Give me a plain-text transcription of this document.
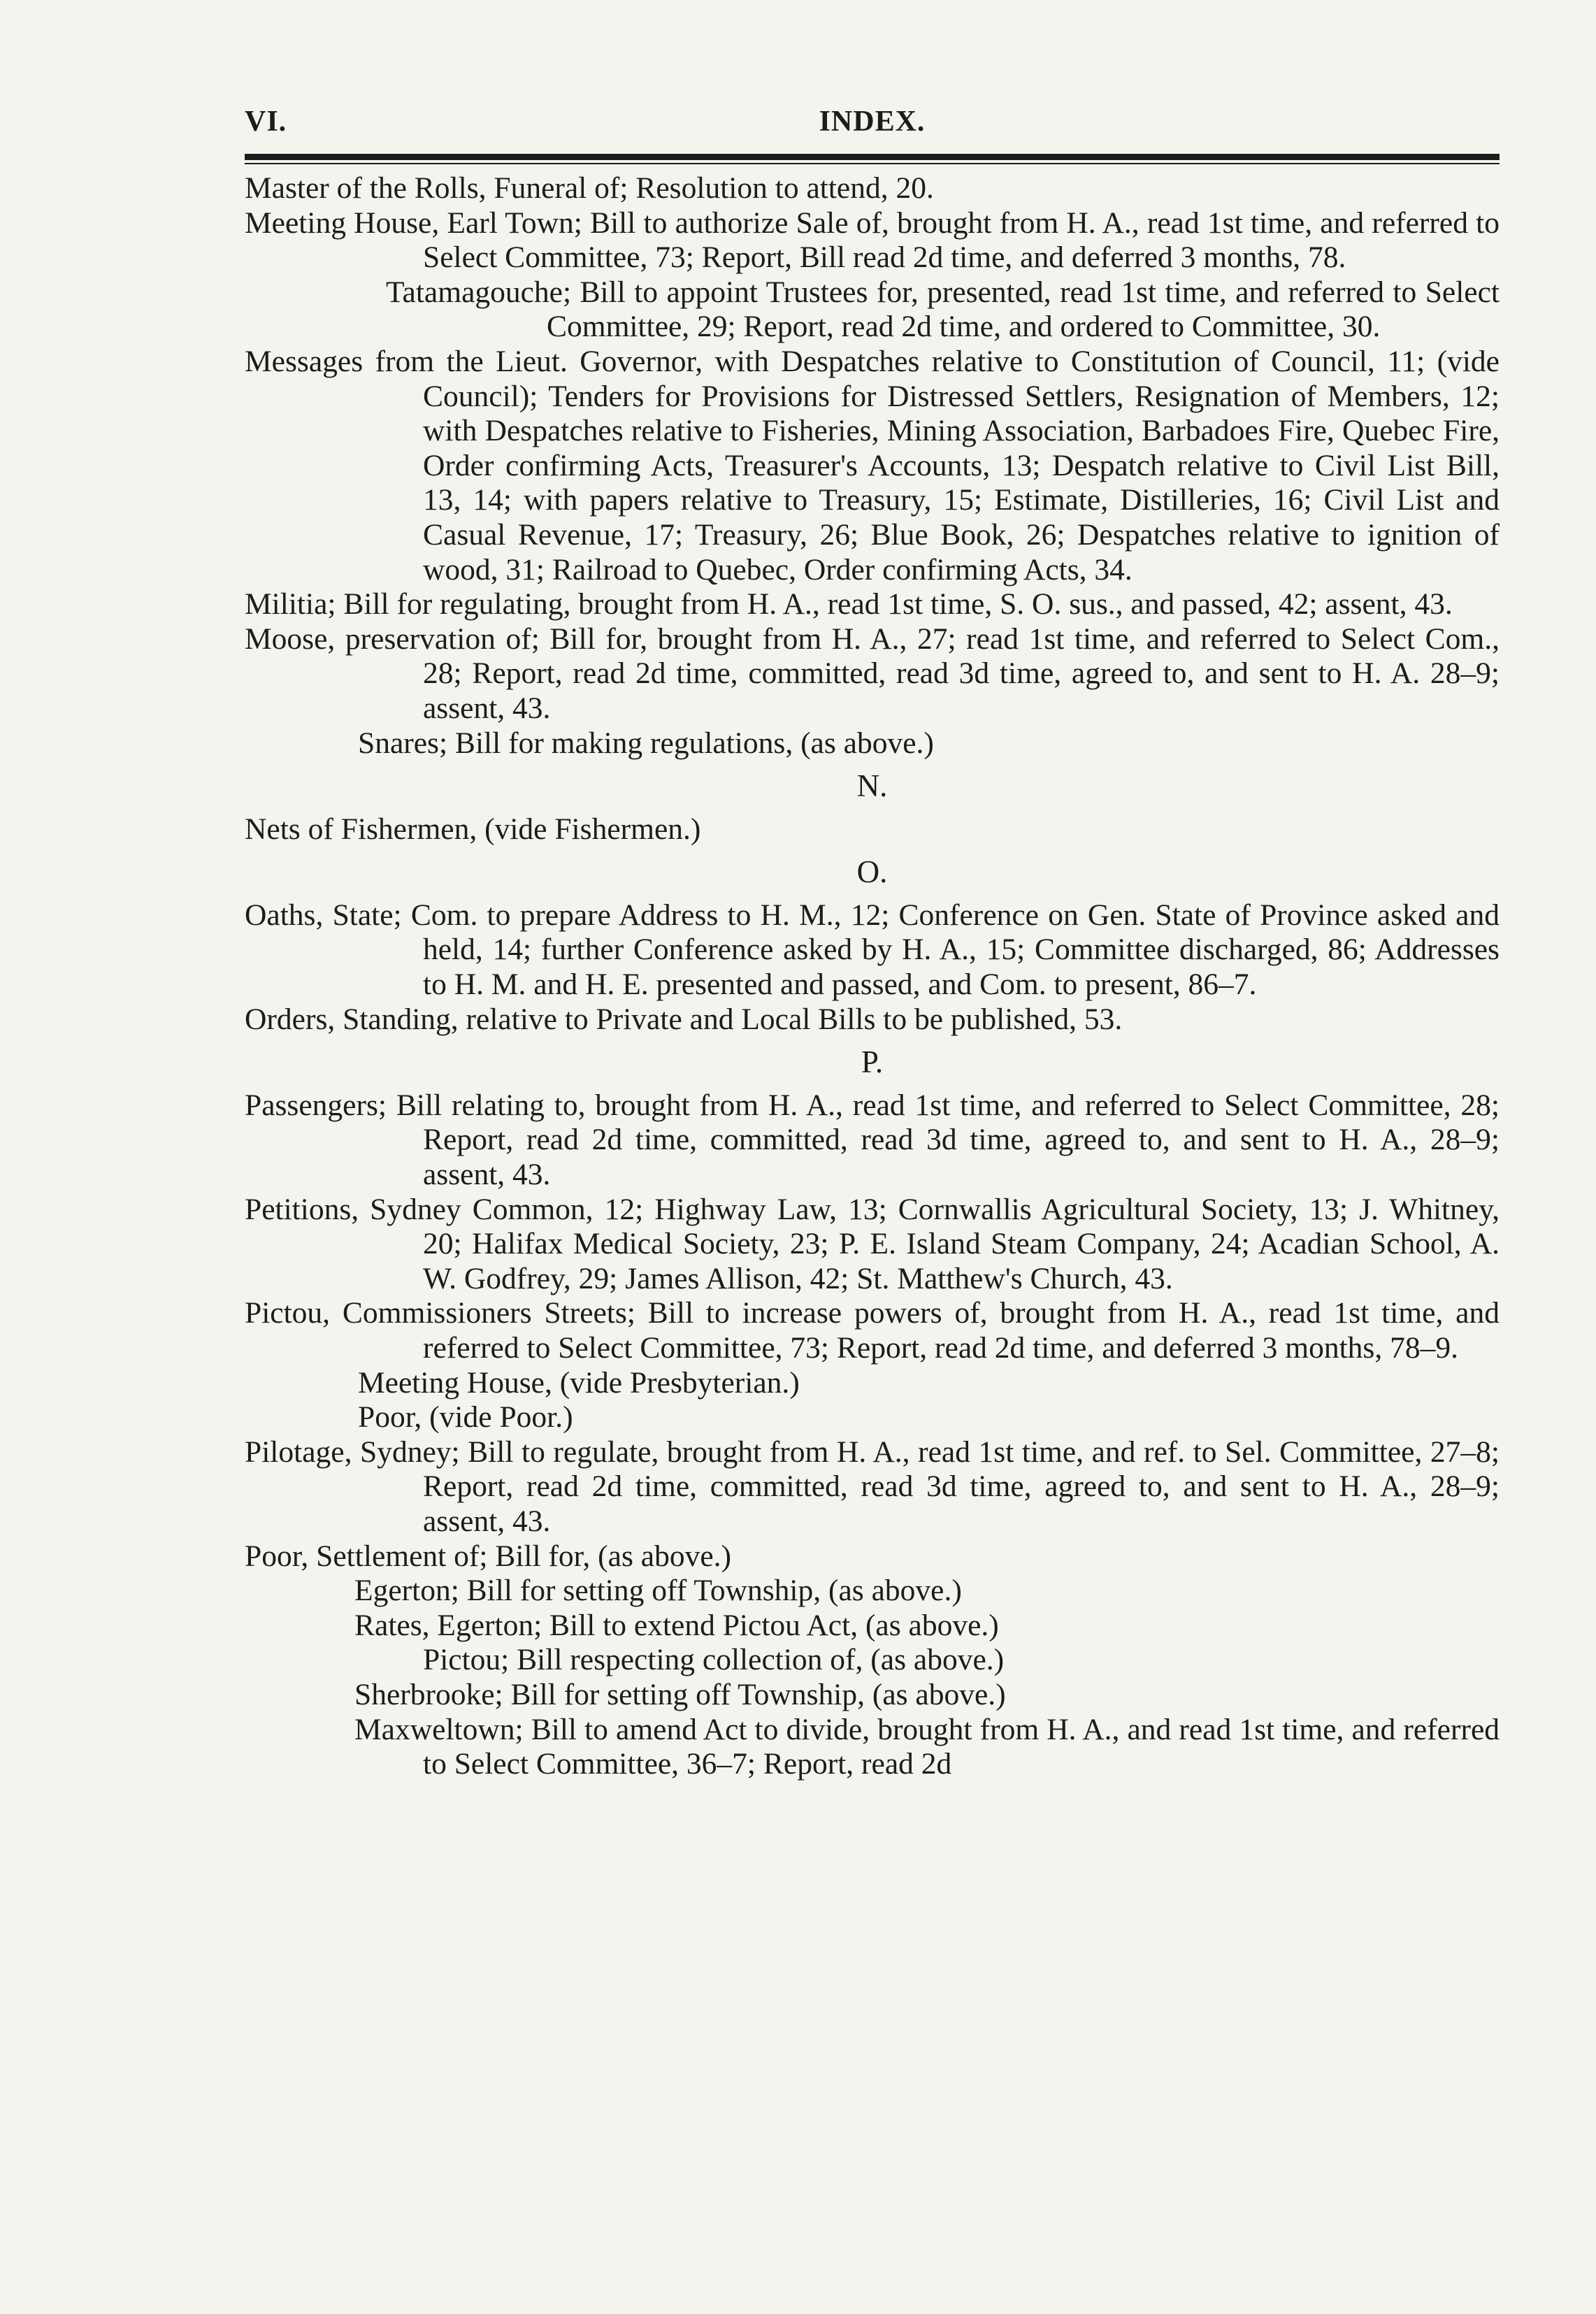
VI.	INDEX.

Master of the Rolls, Funeral of; Resolution to attend, 20.

Meeting House, Earl Town; Bill to authorize Sale of, brought from H. A., read 1st time, and referred to Select Committee, 73; Report, Bill read 2d time, and deferred 3 months, 78.

Tatamagouche; Bill to appoint Trustees for, presented, read 1st time, and referred to Select Committee, 29; Report, read 2d time, and ordered to Committee, 30.

Messages from the Lieut. Governor, with Despatches relative to Constitution of Council, 11; (vide Council); Tenders for Provisions for Distressed Settlers, Resignation of Members, 12; with Despatches relative to Fisheries, Mining Association, Barbadoes Fire, Quebec Fire, Order confirming Acts, Treasurer's Accounts, 13; Despatch relative to Civil List Bill, 13, 14; with papers relative to Treasury, 15; Estimate, Distilleries, 16; Civil List and Casual Revenue, 17; Treasury, 26; Blue Book, 26; Despatches relative to ignition of wood, 31; Railroad to Quebec, Order confirming Acts, 34.

Militia; Bill for regulating, brought from H. A., read 1st time, S. O. sus., and passed, 42; assent, 43.

Moose, preservation of; Bill for, brought from H. A., 27; read 1st time, and referred to Select Com., 28; Report, read 2d time, committed, read 3d time, agreed to, and sent to H. A. 28–9; assent, 43.

Snares; Bill for making regulations, (as above.)

N.

Nets of Fishermen, (vide Fishermen.)

O.

Oaths, State; Com. to prepare Address to H. M., 12; Conference on Gen. State of Province asked and held, 14; further Conference asked by H. A., 15; Committee discharged, 86; Addresses to H. M. and H. E. presented and passed, and Com. to present, 86–7.

Orders, Standing, relative to Private and Local Bills to be published, 53.

P.

Passengers; Bill relating to, brought from H. A., read 1st time, and referred to Select Committee, 28; Report, read 2d time, committed, read 3d time, agreed to, and sent to H. A., 28–9; assent, 43.

Petitions, Sydney Common, 12; Highway Law, 13; Cornwallis Agricultural Society, 13; J. Whitney, 20; Halifax Medical Society, 23; P. E. Island Steam Company, 24; Acadian School, A. W. Godfrey, 29; James Allison, 42; St. Matthew's Church, 43.

Pictou, Commissioners Streets; Bill to increase powers of, brought from H. A., read 1st time, and referred to Select Committee, 73; Report, read 2d time, and deferred 3 months, 78–9.

Meeting House, (vide Presbyterian.)

Poor, (vide Poor.)

Pilotage, Sydney; Bill to regulate, brought from H. A., read 1st time, and ref. to Sel. Committee, 27–8; Report, read 2d time, committed, read 3d time, agreed to, and sent to H. A., 28–9; assent, 43.

Poor, Settlement of; Bill for, (as above.)

Egerton; Bill for setting off Township, (as above.)

Rates, Egerton; Bill to extend Pictou Act, (as above.)

Pictou; Bill respecting collection of, (as above.)

Sherbrooke; Bill for setting off Township, (as above.)

Maxweltown; Bill to amend Act to divide, brought from H. A., and read 1st time, and referred to Select Committee, 36–7; Report, read 2d
